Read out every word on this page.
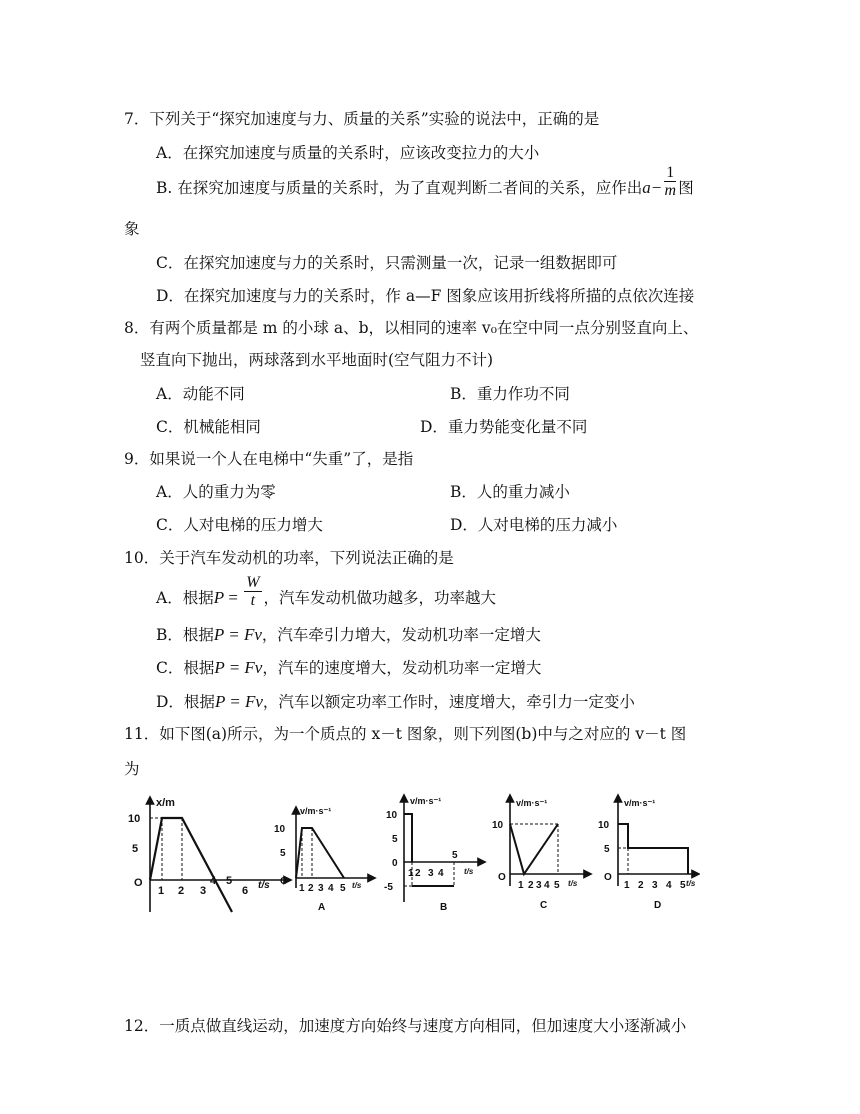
7．下列关于“探究加速度与力、质量的关系”实验的说法中，正确的是
A．在探究加速度与质量的关系时，应该改变拉力的大小
B. 在探究加速度与质量的关系时，为了直观判断二者间的关系，应作出$a- \frac{1}{m}$ 图
象
C．在探究加速度与力的关系时，只需测量一次，记录一组数据即可
D．在探究加速度与力的关系时，作 a—F 图象应该用折线将所描的点依次连接
8．有两个质量都是 m 的小球 a、b，以相同的速率 v₀在空中同一点分别竖直向上、
竖直向下抛出，两球落到水平地面时(空气阻力不计)
A．动能不同	B．重力作功不同
C．机械能相同	D．重力势能变化量不同
9．如果说一个人在电梯中“失重”了，是指
A．人的重力为零	B．人的重力减小
C．人对电梯的压力增大	D．人对电梯的压力减小
10．关于汽车发动机的功率，下列说法正确的是
A．根据$P = \frac{W}{t}$ ，汽车发动机做功越多，功率越大
B．根据P = Fv，汽车牵引力增大，发动机功率一定增大
C．根据P = Fv，汽车的速度增大，发动机功率一定增大
D．根据P = Fv，汽车以额定功率工作时，速度增大，牵引力一定变小
11．如下图(a)所示，为一个质点的 x－t 图象，则下列图(b)中与之对应的 v－t 图
为
x/m
10
5
O
1 2 3
4 5
6 t/s
v/m·s⁻¹
10
5
O
1 2 3 4 5 t/s
A
v/m·s⁻¹
10
5
-5
0
1 2 3 4
5
t/s
B
v/m·s⁻¹
10
O
1 2 3 4 5 t/s
C
v/m·s⁻¹
10
5
O
1 2 3 4 5 t/s
D
12．一质点做直线运动，加速度方向始终与速度方向相同，但加速度大小逐渐减小
